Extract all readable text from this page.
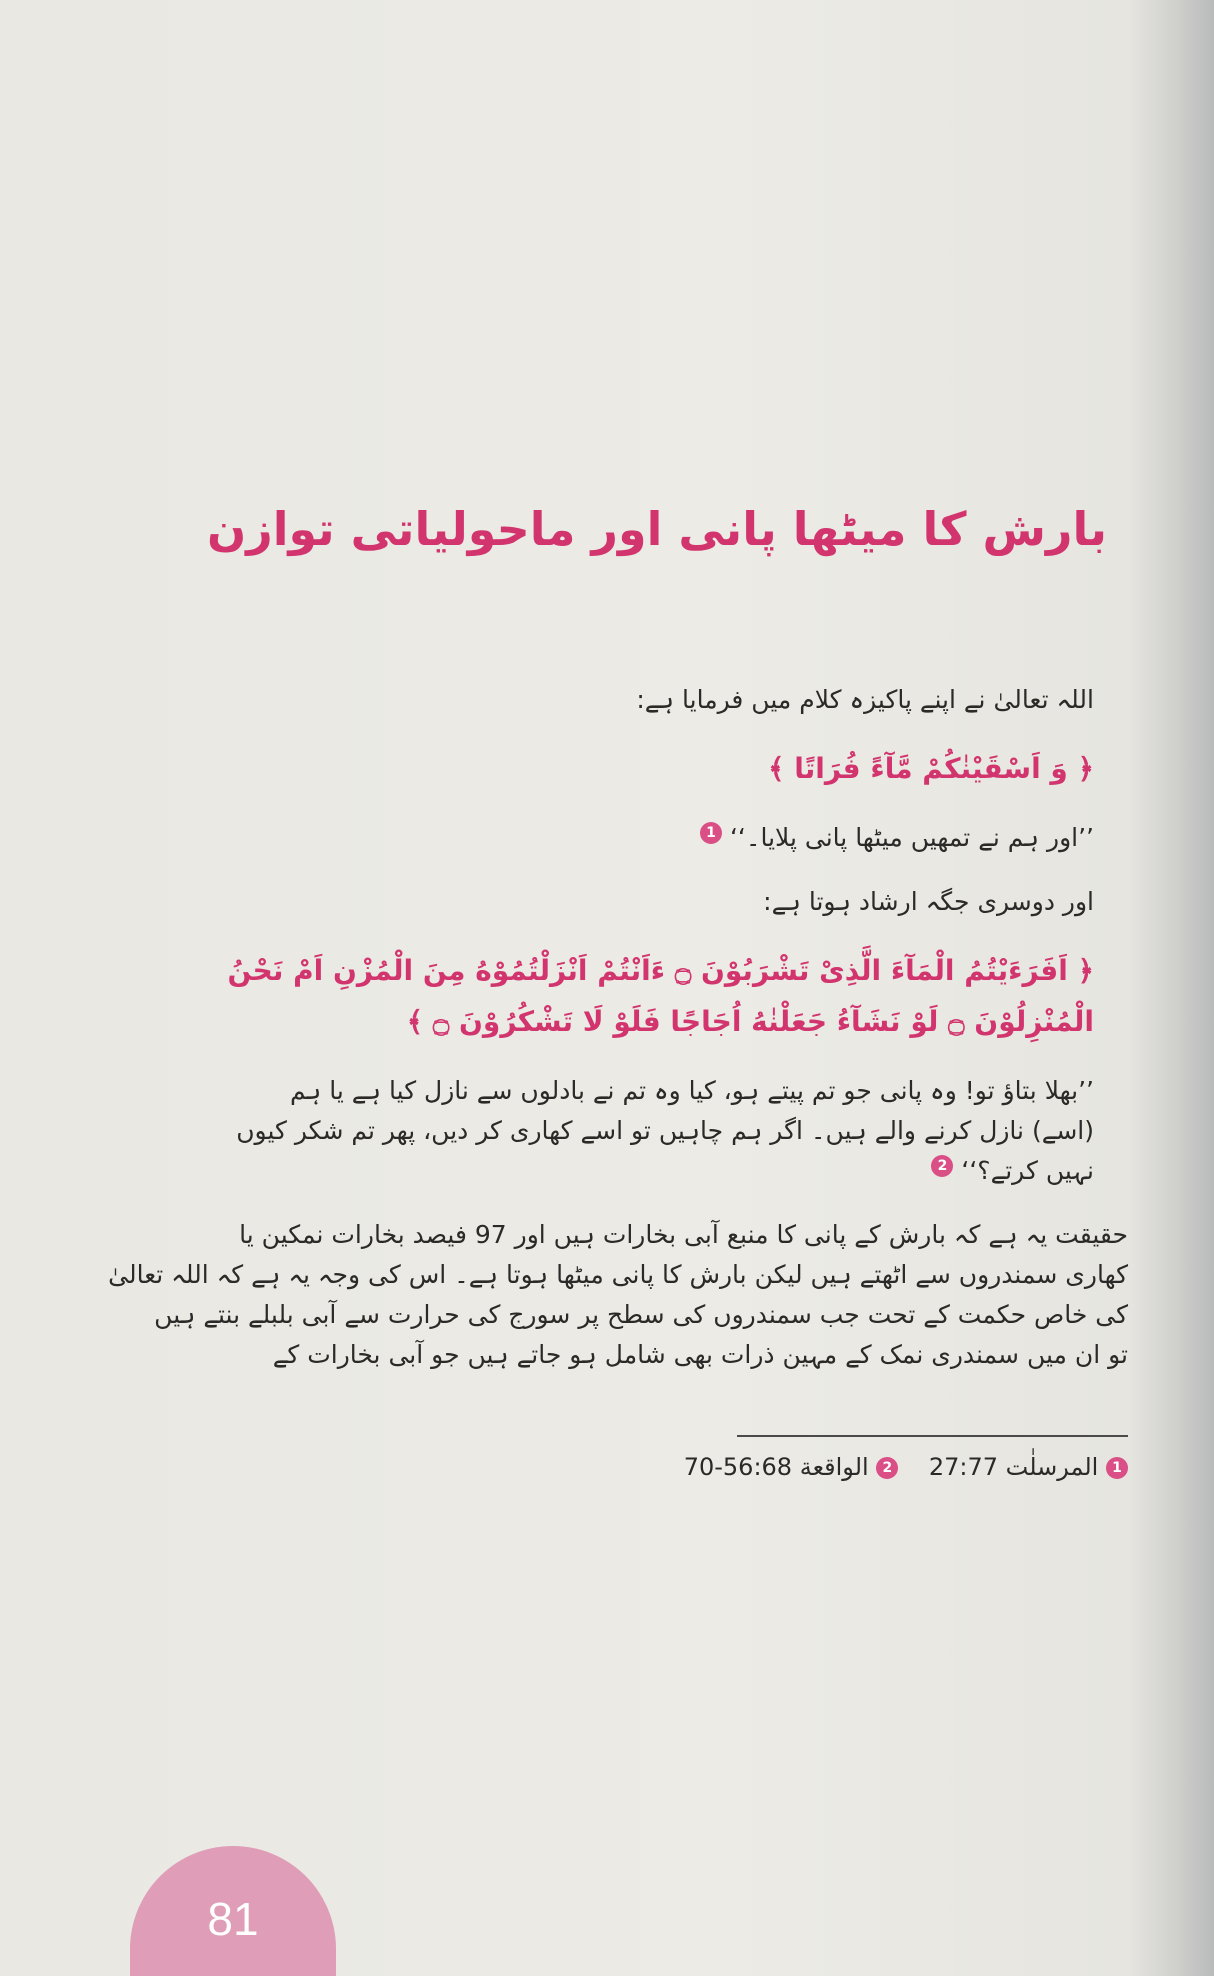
بارش کا میٹھا پانی اور ماحولیاتی توازن
اللہ تعالیٰ نے اپنے پاکیزہ کلام میں فرمایا ہے:
﴿ وَ اَسْقَیْنٰكُمْ مَّآءً فُرَاتًا ﴾
’’اور ہم نے تمھیں میٹھا پانی پلایا۔‘‘ 1
اور دوسری جگہ ارشاد ہوتا ہے:
﴿ اَفَرَءَيْتُمُ الْمَآءَ الَّذِىْ تَشْرَبُوْنَ ۝ ءَاَنْتُمْ اَنْزَلْتُمُوْهُ مِنَ الْمُزْنِ اَمْ نَحْنُ
الْمُنْزِلُوْنَ ۝ لَوْ نَشَآءُ جَعَلْنٰهُ اُجَاجًا فَلَوْ لَا تَشْكُرُوْنَ ۝ ﴾
’’بھلا بتاؤ تو! وہ پانی جو تم پیتے ہو، کیا وہ تم نے بادلوں سے نازل کیا ہے یا ہم
(اسے) نازل کرنے والے ہیں۔ اگر ہم چاہیں تو اسے کھاری کر دیں، پھر تم شکر کیوں
نہیں کرتے؟‘‘ 2
حقیقت یہ ہے کہ بارش کے پانی کا منبع آبی بخارات ہیں اور 97 فیصد بخارات نمکین یا
کھاری سمندروں سے اٹھتے ہیں لیکن بارش کا پانی میٹھا ہوتا ہے۔ اس کی وجہ یہ ہے کہ اللہ تعالیٰ
کی خاص حکمت کے تحت جب سمندروں کی سطح پر سورج کی حرارت سے آبی بلبلے بنتے ہیں
تو ان میں سمندری نمک کے مہین ذرات بھی شامل ہو جاتے ہیں جو آبی بخارات کے
1 المرسلٰت 27:77    2 الواقعة 56:68-70
81
